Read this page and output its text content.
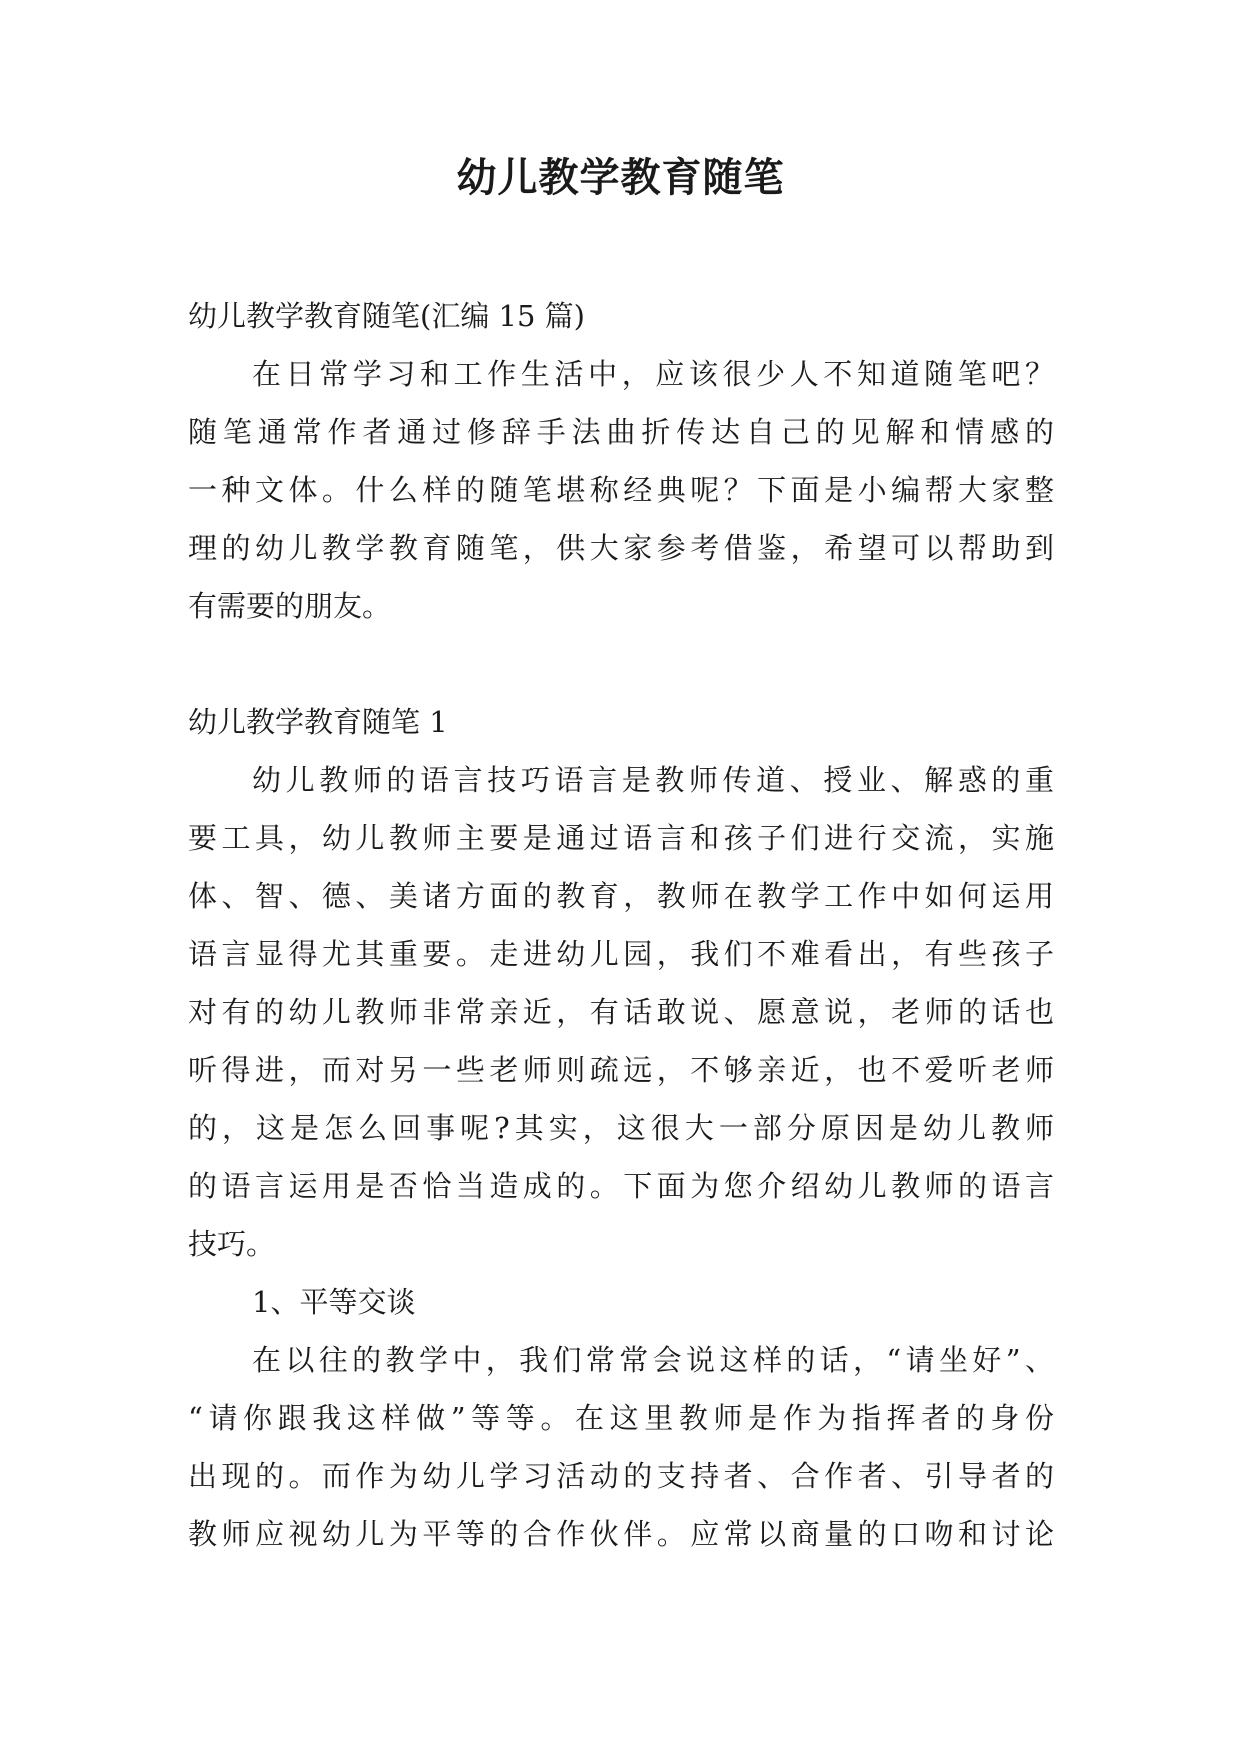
幼儿教学教育随笔
幼儿教学教育随笔(汇编 15 篇)
在日常学习和工作生活中，应该很少人不知道随笔吧？
随笔通常作者通过修辞手法曲折传达自己的见解和情感的
一种文体。什么样的随笔堪称经典呢？下面是小编帮大家整
理的幼儿教学教育随笔，供大家参考借鉴，希望可以帮助到
有需要的朋友。
幼儿教学教育随笔 1
幼儿教师的语言技巧语言是教师传道、授业、解惑的重
要工具，幼儿教师主要是通过语言和孩子们进行交流，实施
体、智、德、美诸方面的教育，教师在教学工作中如何运用
语言显得尤其重要。走进幼儿园，我们不难看出，有些孩子
对有的幼儿教师非常亲近，有话敢说、愿意说，老师的话也
听得进，而对另一些老师则疏远，不够亲近，也不爱听老师
的，这是怎么回事呢?其实，这很大一部分原因是幼儿教师
的语言运用是否恰当造成的。下面为您介绍幼儿教师的语言
技巧。
1、平等交谈
在以往的教学中，我们常常会说这样的话，“请坐好”、
“请你跟我这样做”等等。在这里教师是作为指挥者的身份
出现的。而作为幼儿学习活动的支持者、合作者、引导者的
教师应视幼儿为平等的合作伙伴。应常以商量的口吻和讨论
